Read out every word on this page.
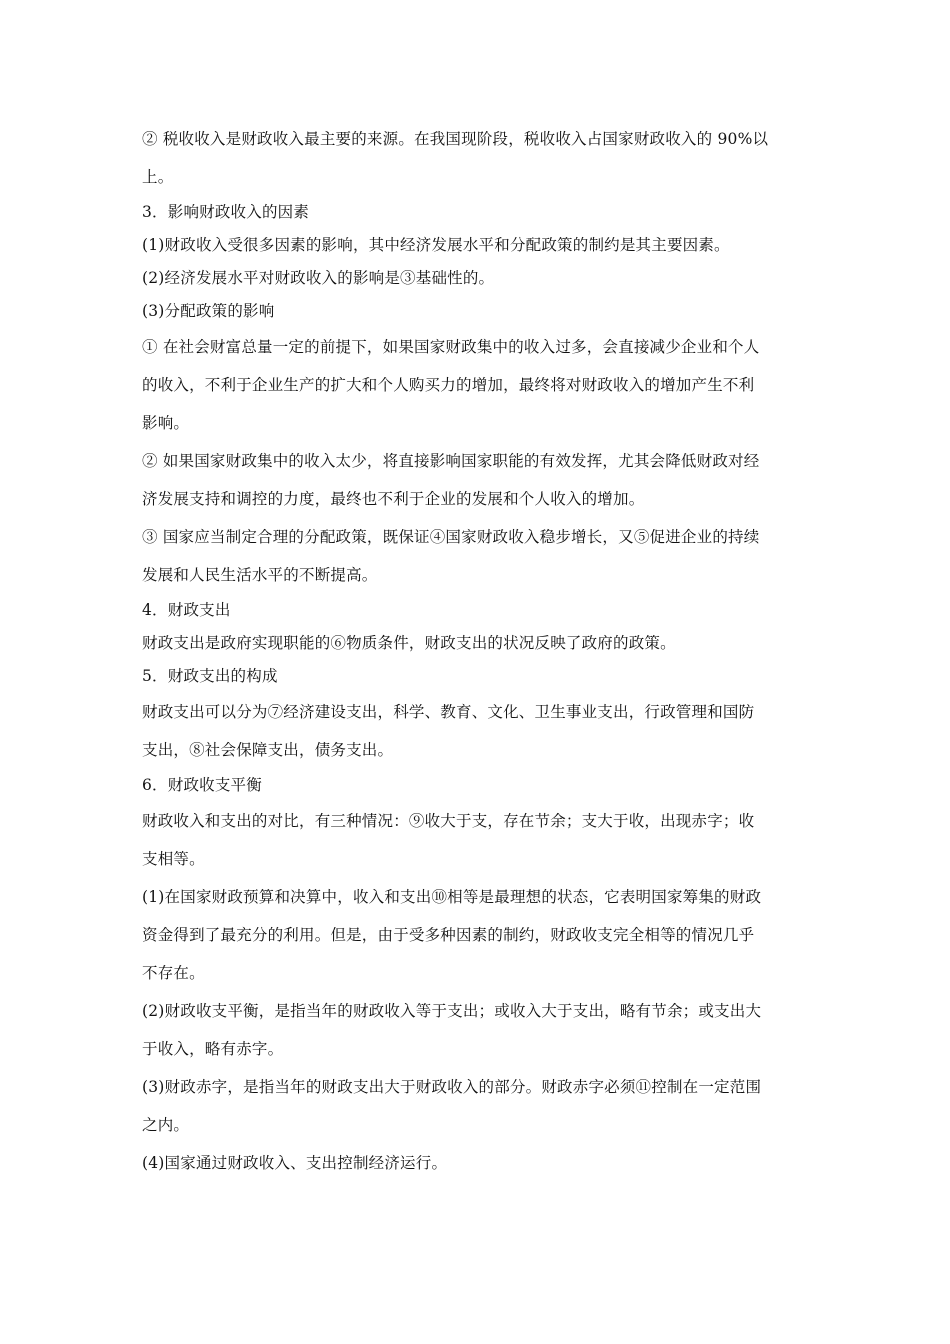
② 税收收入是财政收入最主要的来源。在我国现阶段，税收收入占国家财政收入的 90%以
上。
3．影响财政收入的因素
(1)财政收入受很多因素的影响，其中经济发展水平和分配政策的制约是其主要因素。
(2)经济发展水平对财政收入的影响是③基础性的。
(3)分配政策的影响
① 在社会财富总量一定的前提下，如果国家财政集中的收入过多，会直接减少企业和个人
的收入，不利于企业生产的扩大和个人购买力的增加，最终将对财政收入的增加产生不利
影响。
② 如果国家财政集中的收入太少，将直接影响国家职能的有效发挥，尤其会降低财政对经
济发展支持和调控的力度，最终也不利于企业的发展和个人收入的增加。
③ 国家应当制定合理的分配政策，既保证④国家财政收入稳步增长，又⑤促进企业的持续
发展和人民生活水平的不断提高。
4．财政支出
财政支出是政府实现职能的⑥物质条件，财政支出的状况反映了政府的政策。
5．财政支出的构成
财政支出可以分为⑦经济建设支出，科学、教育、文化、卫生事业支出，行政管理和国防
支出，⑧社会保障支出，债务支出。
6．财政收支平衡
财政收入和支出的对比，有三种情况：⑨收大于支，存在节余；支大于收，出现赤字；收
支相等。
(1)在国家财政预算和决算中，收入和支出⑩相等是最理想的状态，它表明国家筹集的财政
资金得到了最充分的利用。但是，由于受多种因素的制约，财政收支完全相等的情况几乎
不存在。
(2)财政收支平衡，是指当年的财政收入等于支出；或收入大于支出，略有节余；或支出大
于收入，略有赤字。
(3)财政赤字，是指当年的财政支出大于财政收入的部分。财政赤字必须⑪控制在一定范围
之内。
(4)国家通过财政收入、支出控制经济运行。
